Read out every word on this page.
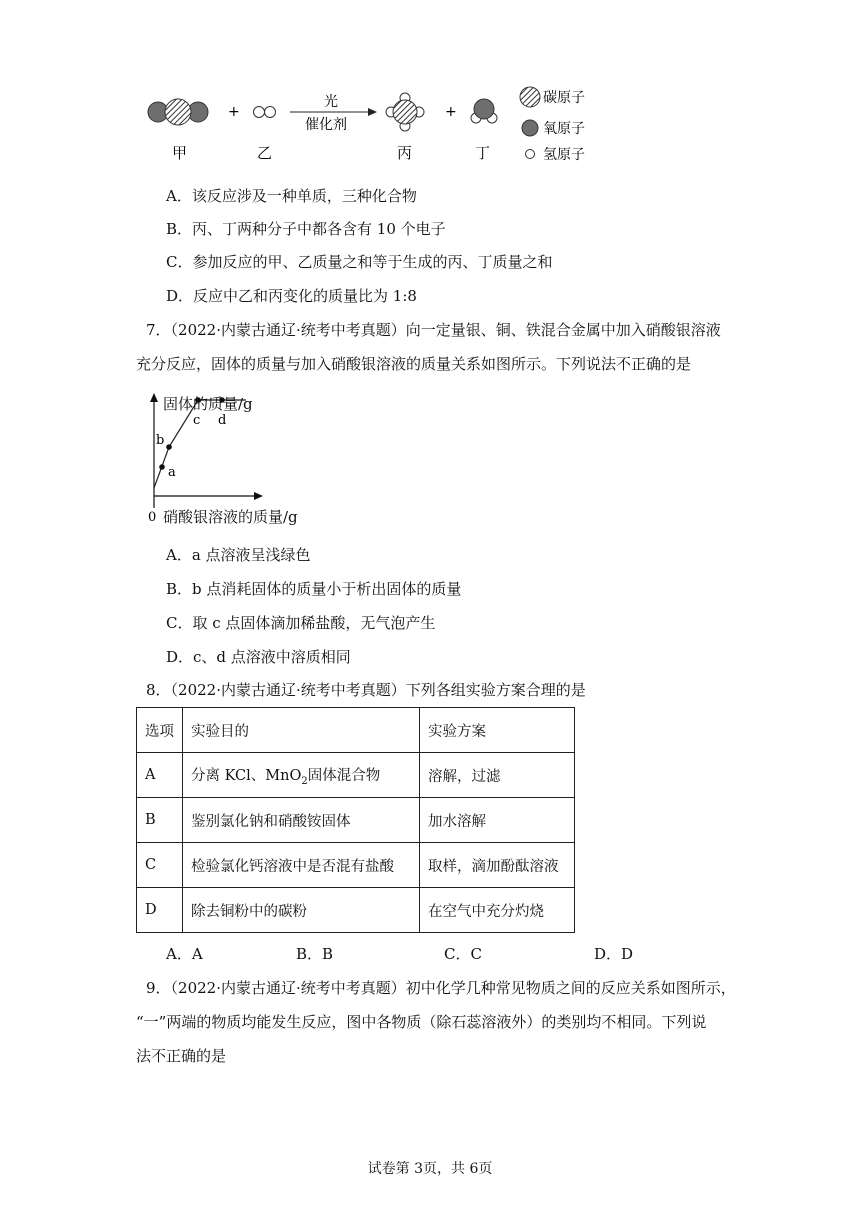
+
光
催化剂
+
甲	乙	丙	丁
碳原子
氧原子
氢原子
A．该反应涉及一种单质，三种化合物
B．丙、丁两种分子中都各含有 10 个电子
C．参加反应的甲、乙质量之和等于生成的丙、丁质量之和
D．反应中乙和丙变化的质量比为 1:8
7．（2022·内蒙古通辽·统考中考真题）向一定量银、铜、铁混合金属中加入硝酸银溶液
充分反应，固体的质量与加入硝酸银溶液的质量关系如图所示。下列说法不正确的是
a
b
c d
0
固体的质量/g
硝酸银溶液的质量/g
A．a 点溶液呈浅绿色
B．b 点消耗固体的质量小于析出固体的质量
C．取 c 点固体滴加稀盐酸，无气泡产生
D．c、d 点溶液中溶质相同
8．（2022·内蒙古通辽·统考中考真题）下列各组实验方案合理的是
选项	实验目的	实验方案
A	分离 KCl、MnO$_2$固体混合物	溶解，过滤
B	鉴别氯化钠和硝酸铵固体	加水溶解
C	检验氯化钙溶液中是否混有盐酸	取样，滴加酚酞溶液
D	除去铜粉中的碳粉	在空气中充分灼烧
A．A	B．B	C．C	D．D
9．（2022·内蒙古通辽·统考中考真题）初中化学几种常见物质之间的反应关系如图所示，
“一”两端的物质均能发生反应，图中各物质（除石蕊溶液外）的类别均不相同。下列说
法不正确的是
试卷第 3页，共 6页
